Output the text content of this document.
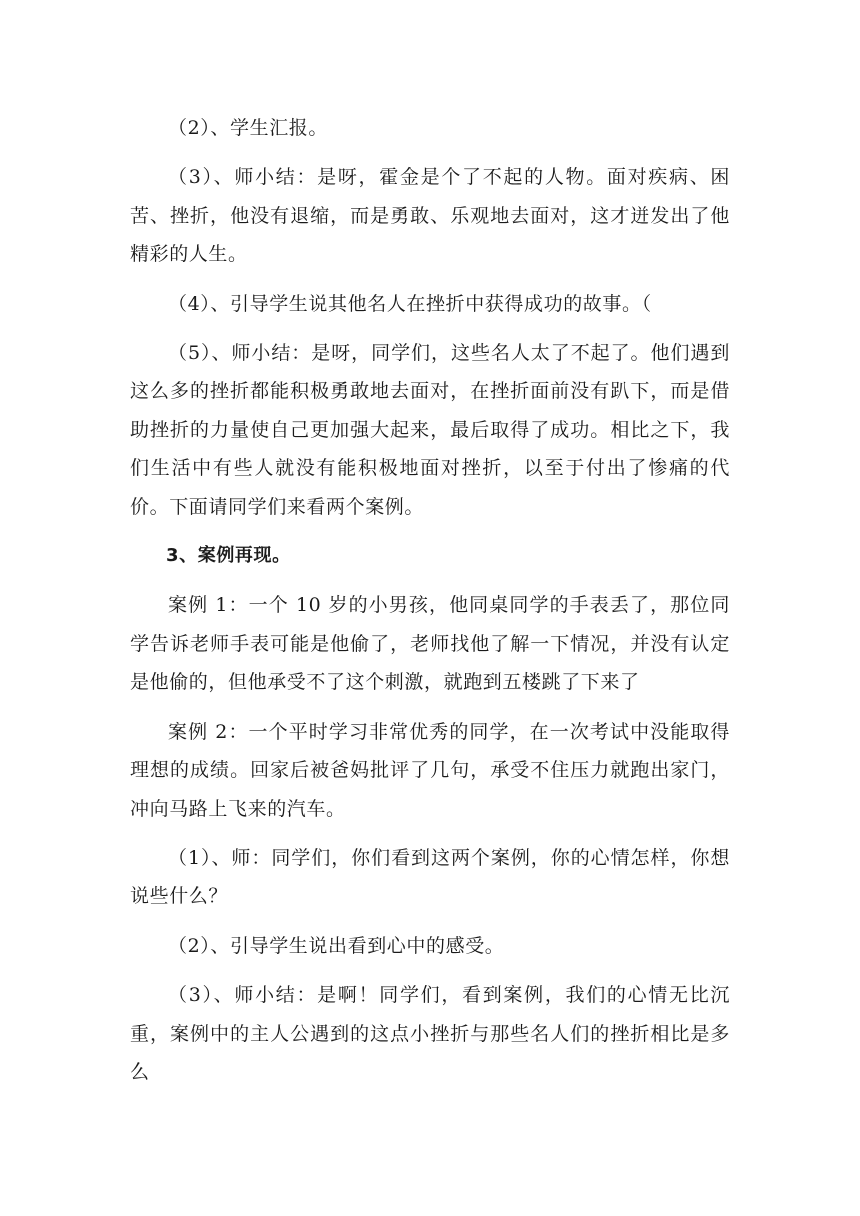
（2）、学生汇报。

（3）、师小结：是呀，霍金是个了不起的人物。面对疾病、困苦、挫折，他没有退缩，而是勇敢、乐观地去面对，这才迸发出了他精彩的人生。

（4）、引导学生说其他名人在挫折中获得成功的故事。（

（5）、师小结：是呀，同学们，这些名人太了不起了。他们遇到这么多的挫折都能积极勇敢地去面对，在挫折面前没有趴下，而是借助挫折的力量使自己更加强大起来，最后取得了成功。相比之下，我们生活中有些人就没有能积极地面对挫折，以至于付出了惨痛的代价。下面请同学们来看两个案例。

3、案例再现。

案例 1：一个 10 岁的小男孩，他同桌同学的手表丢了，那位同学告诉老师手表可能是他偷了，老师找他了解一下情况，并没有认定是他偷的，但他承受不了这个刺激，就跑到五楼跳了下来了

案例 2：一个平时学习非常优秀的同学，在一次考试中没能取得理想的成绩。回家后被爸妈批评了几句，承受不住压力就跑出家门，冲向马路上飞来的汽车。

（1）、师：同学们，你们看到这两个案例，你的心情怎样，你想说些什么？

（2）、引导学生说出看到心中的感受。

（3）、师小结：是啊！同学们，看到案例，我们的心情无比沉重，案例中的主人公遇到的这点小挫折与那些名人们的挫折相比是多么
